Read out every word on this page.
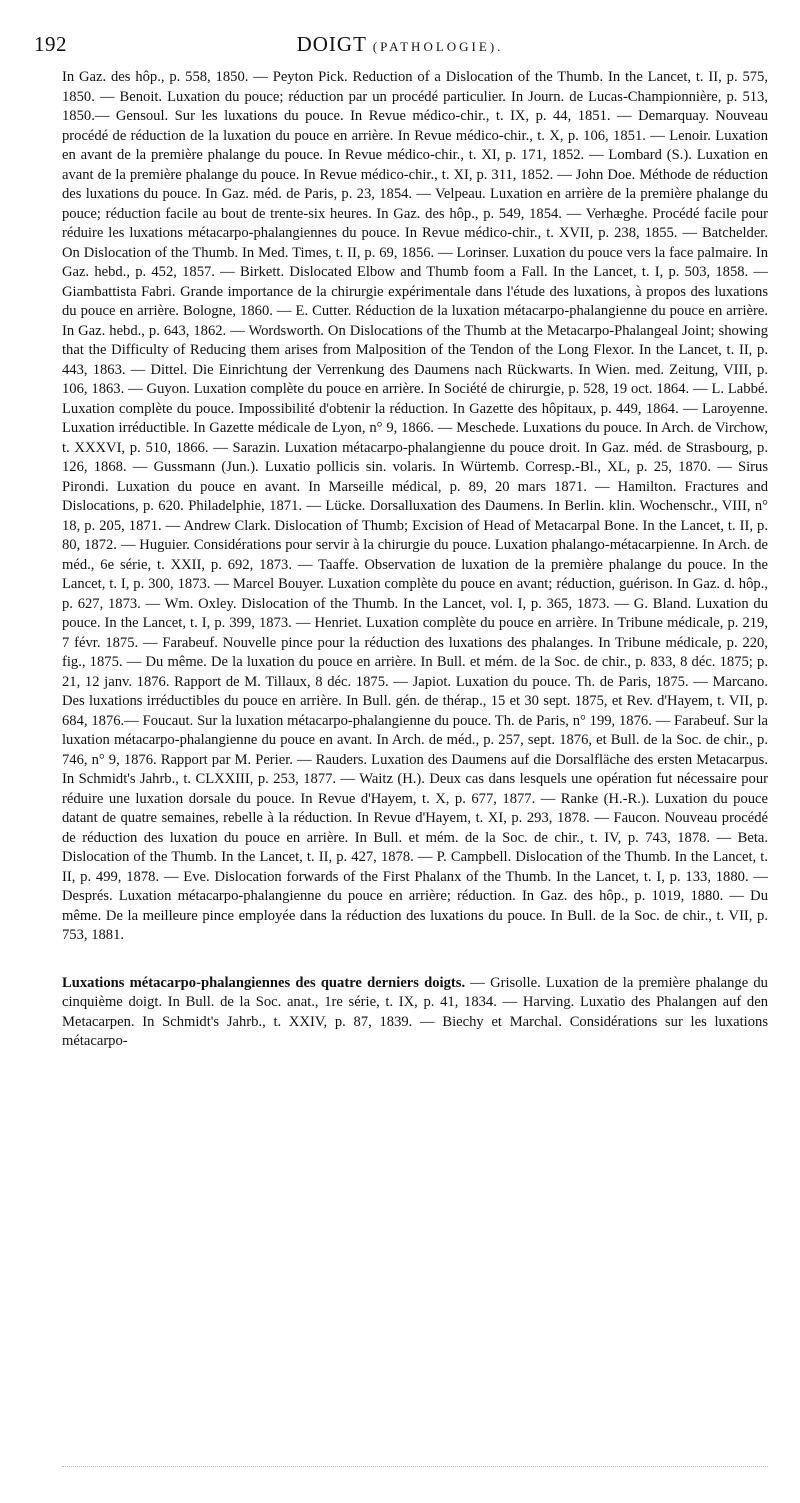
192	DOIGT (PATHOLOGIE).

In Gaz. des hôp., p. 558, 1850. — Peyton Pick. Reduction of a Dislocation of the Thumb. In the Lancet, t. II, p. 575, 1850. — Benoit. Luxation du pouce; réduction par un procédé particulier. In Journ. de Lucas-Championnière, p. 513, 1850.— Gensoul. Sur les luxations du pouce. In Revue médico-chir., t. IX, p. 44, 1851. — Demarquay. Nouveau procédé de réduction de la luxation du pouce en arrière. In Revue médico-chir., t. X, p. 106, 1851. — Lenoir. Luxation en avant de la première phalange du pouce. In Revue médico-chir., t. XI, p. 171, 1852. — Lombard (S.). Luxation en avant de la première phalange du pouce. In Revue médico-chir., t. XI, p. 311, 1852. — John Doe. Méthode de réduction des luxations du pouce. In Gaz. méd. de Paris, p. 23, 1854. — Velpeau. Luxation en arrière de la première phalange du pouce; réduction facile au bout de trente-six heures. In Gaz. des hôp., p. 549, 1854. — Verhæghe. Procédé facile pour réduire les luxations métacarpo-phalangiennes du pouce. In Revue médico-chir., t. XVII, p. 238, 1855. — Batchelder. On Dislocation of the Thumb. In Med. Times, t. II, p. 69, 1856. — Lorinser. Luxation du pouce vers la face palmaire. In Gaz. hebd., p. 452, 1857. — Birkett. Dislocated Elbow and Thumb foom a Fall. In the Lancet, t. I, p. 503, 1858. — Giambattista Fabri. Grande importance de la chirurgie expérimentale dans l'étude des luxations, à propos des luxations du pouce en arrière. Bologne, 1860. — E. Cutter. Réduction de la luxation métacarpo-phalangienne du pouce en arrière. In Gaz. hebd., p. 643, 1862. — Wordsworth. On Dislocations of the Thumb at the Metacarpo-Phalangeal Joint; showing that the Difficulty of Reducing them arises from Malposition of the Tendon of the Long Flexor. In the Lancet, t. II, p. 443, 1863. — Dittel. Die Einrichtung der Verrenkung des Daumens nach Rückwarts. In Wien. med. Zeitung, VIII, p. 106, 1863. — Guyon. Luxation complète du pouce en arrière. In Société de chirurgie, p. 528, 19 oct. 1864. — L. Labbé. Luxation complète du pouce. Impossibilité d'obtenir la réduction. In Gazette des hôpitaux, p. 449, 1864. — Laroyenne. Luxation irréductible. In Gazette médicale de Lyon, n° 9, 1866. — Meschede. Luxations du pouce. In Arch. de Virchow, t. XXXVI, p. 510, 1866. — Sarazin. Luxation métacarpo-phalangienne du pouce droit. In Gaz. méd. de Strasbourg, p. 126, 1868. — Gussmann (Jun.). Luxatio pollicis sin. volaris. In Würtemb. Corresp.-Bl., XL, p. 25, 1870. — Sirus Pirondi. Luxation du pouce en avant. In Marseille médical, p. 89, 20 mars 1871. — Hamilton. Fractures and Dislocations, p. 620. Philadelphie, 1871. — Lücke. Dorsalluxation des Daumens. In Berlin. klin. Wochenschr., VIII, n° 18, p. 205, 1871. — Andrew Clark. Dislocation of Thumb; Excision of Head of Metacarpal Bone. In the Lancet, t. II, p. 80, 1872. — Huguier. Considérations pour servir à la chirurgie du pouce. Luxation phalango-métacarpienne. In Arch. de méd., 6e série, t. XXII, p. 692, 1873. — Taaffe. Observation de luxation de la première phalange du pouce. In the Lancet, t. I, p. 300, 1873. — Marcel Bouyer. Luxation complète du pouce en avant; réduction, guérison. In Gaz. d. hôp., p. 627, 1873. — Wm. Oxley. Dislocation of the Thumb. In the Lancet, vol. I, p. 365, 1873. — G. Bland. Luxation du pouce. In the Lancet, t. I, p. 399, 1873. — Henriet. Luxation complète du pouce en arrière. In Tribune médicale, p. 219, 7 févr. 1875. — Farabeuf. Nouvelle pince pour la réduction des luxations des phalanges. In Tribune médicale, p. 220, fig., 1875. — Du même. De la luxation du pouce en arrière. In Bull. et mém. de la Soc. de chir., p. 833, 8 déc. 1875; p. 21, 12 janv. 1876. Rapport de M. Tillaux, 8 déc. 1875. — Japiot. Luxation du pouce. Th. de Paris, 1875. — Marcano. Des luxations irréductibles du pouce en arrière. In Bull. gén. de thérap., 15 et 30 sept. 1875, et Rev. d'Hayem, t. VII, p. 684, 1876.— Foucaut. Sur la luxation métacarpo-phalangienne du pouce. Th. de Paris, n° 199, 1876. — Farabeuf. Sur la luxation métacarpo-phalangienne du pouce en avant. In Arch. de méd., p. 257, sept. 1876, et Bull. de la Soc. de chir., p. 746, n° 9, 1876. Rapport par M. Perier. — Rauders. Luxation des Daumens auf die Dorsalfläche des ersten Metacarpus. In Schmidt's Jahrb., t. CLXXIII, p. 253, 1877. — Waitz (H.). Deux cas dans lesquels une opération fut nécessaire pour réduire une luxation dorsale du pouce. In Revue d'Hayem, t. X, p. 677, 1877. — Ranke (H.-R.). Luxation du pouce datant de quatre semaines, rebelle à la réduction. In Revue d'Hayem, t. XI, p. 293, 1878. — Faucon. Nouveau procédé de réduction des luxation du pouce en arrière. In Bull. et mém. de la Soc. de chir., t. IV, p. 743, 1878. — Beta. Dislocation of the Thumb. In the Lancet, t. II, p. 427, 1878. — P. Campbell. Dislocation of the Thumb. In the Lancet, t. II, p. 499, 1878. — Eve. Dislocation forwards of the First Phalanx of the Thumb. In the Lancet, t. I, p. 133, 1880. — Després. Luxation métacarpo-phalangienne du pouce en arrière; réduction. In Gaz. des hôp., p. 1019, 1880. — Du même. De la meilleure pince employée dans la réduction des luxations du pouce. In Bull. de la Soc. de chir., t. VII, p. 753, 1881.

Luxations métacarpo-phalangiennes des quatre derniers doigts. — Grisolle. Luxation de la première phalange du cinquième doigt. In Bull. de la Soc. anat., 1re série, t. IX, p. 41, 1834. — Harving. Luxatio des Phalangen auf den Metacarpen. In Schmidt's Jahrb., t. XXIV, p. 87, 1839. — Biechy et Marchal. Considérations sur les luxations métacarpo-
